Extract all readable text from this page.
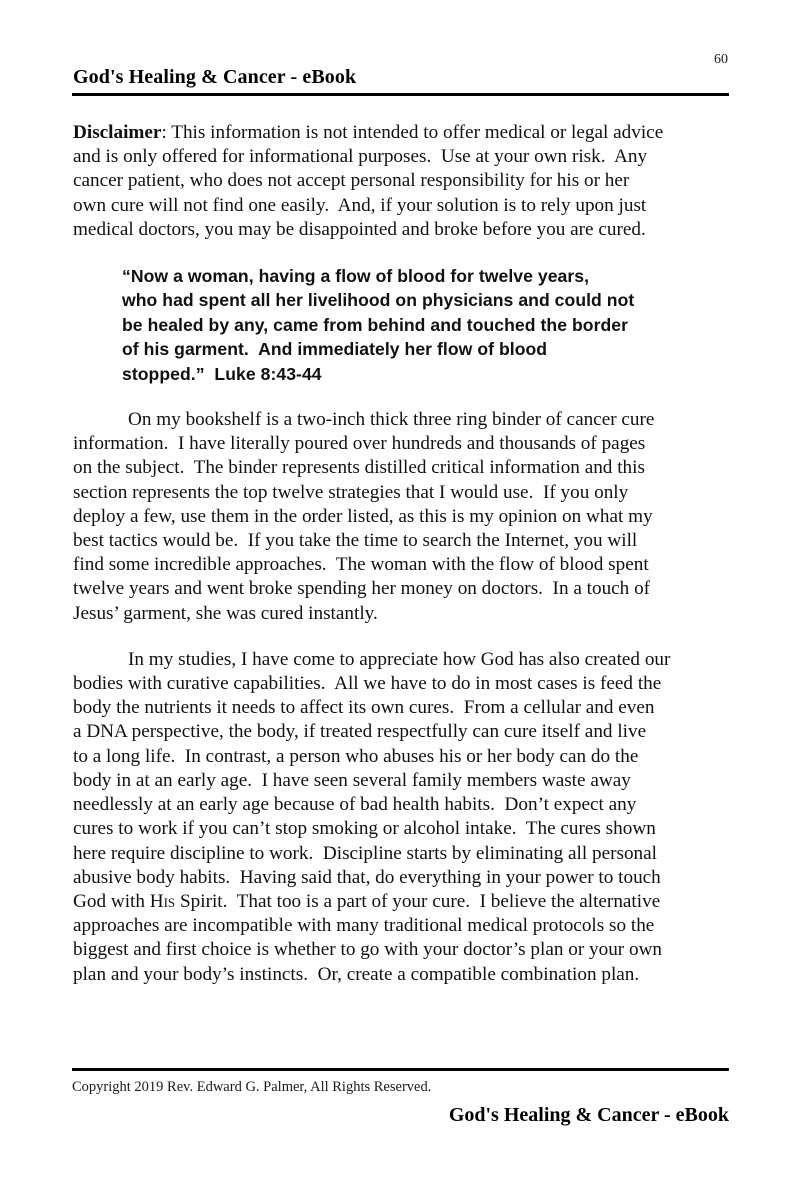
60
God's Healing & Cancer - eBook

Disclaimer: This information is not intended to offer medical or legal advice
and is only offered for informational purposes.  Use at your own risk.  Any
cancer patient, who does not accept personal responsibility for his or her
own cure will not find one easily.  And, if your solution is to rely upon just
medical doctors, you may be disappointed and broke before you are cured.

“Now a woman, having a flow of blood for twelve years,
who had spent all her livelihood on physicians and could not
be healed by any, came from behind and touched the border
of his garment.  And immediately her flow of blood
stopped.”  Luke 8:43-44

On my bookshelf is a two-inch thick three ring binder of cancer cure
information.  I have literally poured over hundreds and thousands of pages
on the subject.  The binder represents distilled critical information and this
section represents the top twelve strategies that I would use.  If you only
deploy a few, use them in the order listed, as this is my opinion on what my
best tactics would be.  If you take the time to search the Internet, you will
find some incredible approaches.  The woman with the flow of blood spent
twelve years and went broke spending her money on doctors.  In a touch of
Jesus’ garment, she was cured instantly.

In my studies, I have come to appreciate how God has also created our
bodies with curative capabilities.  All we have to do in most cases is feed the
body the nutrients it needs to affect its own cures.  From a cellular and even
a DNA perspective, the body, if treated respectfully can cure itself and live
to a long life.  In contrast, a person who abuses his or her body can do the
body in at an early age.  I have seen several family members waste away
needlessly at an early age because of bad health habits.  Don’t expect any
cures to work if you can’t stop smoking or alcohol intake.  The cures shown
here require discipline to work.  Discipline starts by eliminating all personal
abusive body habits.  Having said that, do everything in your power to touch
God with His Spirit.  That too is a part of your cure.  I believe the alternative
approaches are incompatible with many traditional medical protocols so the
biggest and first choice is whether to go with your doctor’s plan or your own
plan and your body’s instincts.  Or, create a compatible combination plan.

Copyright 2019 Rev. Edward G. Palmer, All Rights Reserved.
God's Healing & Cancer - eBook
